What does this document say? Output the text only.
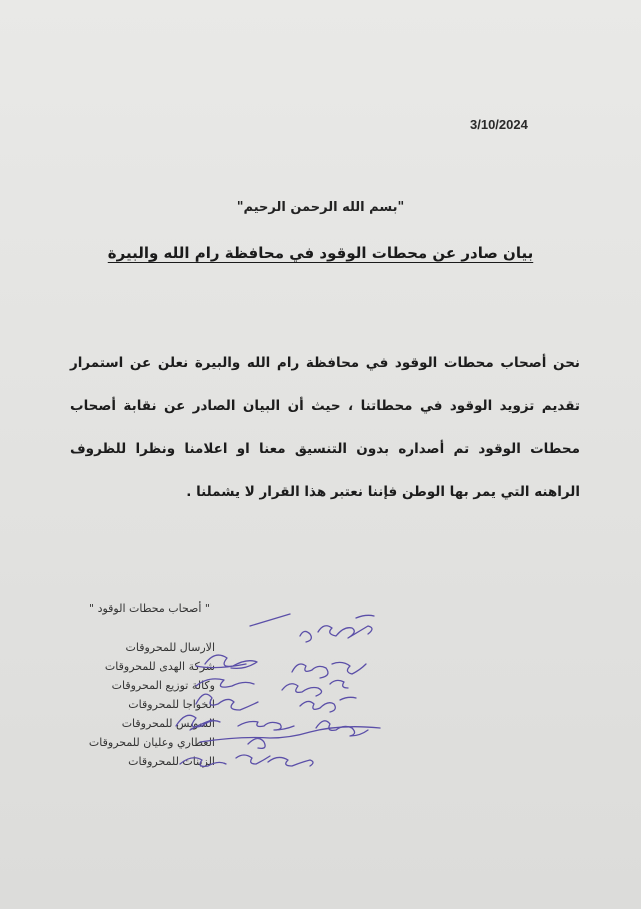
3/10/2024
"بسم الله الرحمن الرحيم"
بيان صادر عن محطات الوقود في محافظة رام الله والبيرة
نحن أصحاب محطات الوقود في محافظة رام الله والبيرة نعلن عن استمرار
تقديم تزويد الوقود في محطاتنا ، حيث أن البيان الصادر عن نقابة أصحاب
محطات الوقود تم أصداره بدون التنسيق معنا او اعلامنا ونظرا للظروف
الراهنه التي يمر بها الوطن فإننا نعتبر هذا القرار لا يشملنا .
" أصحاب محطات الوقود "
الارسال للمحروقات
شركة الهدى للمحروقات
وكالة توزيع المحروقات
الخواجا للمحروقات
السويس للمحروقات
العطاري وعليان للمحروقات
الزينات للمحروقات
